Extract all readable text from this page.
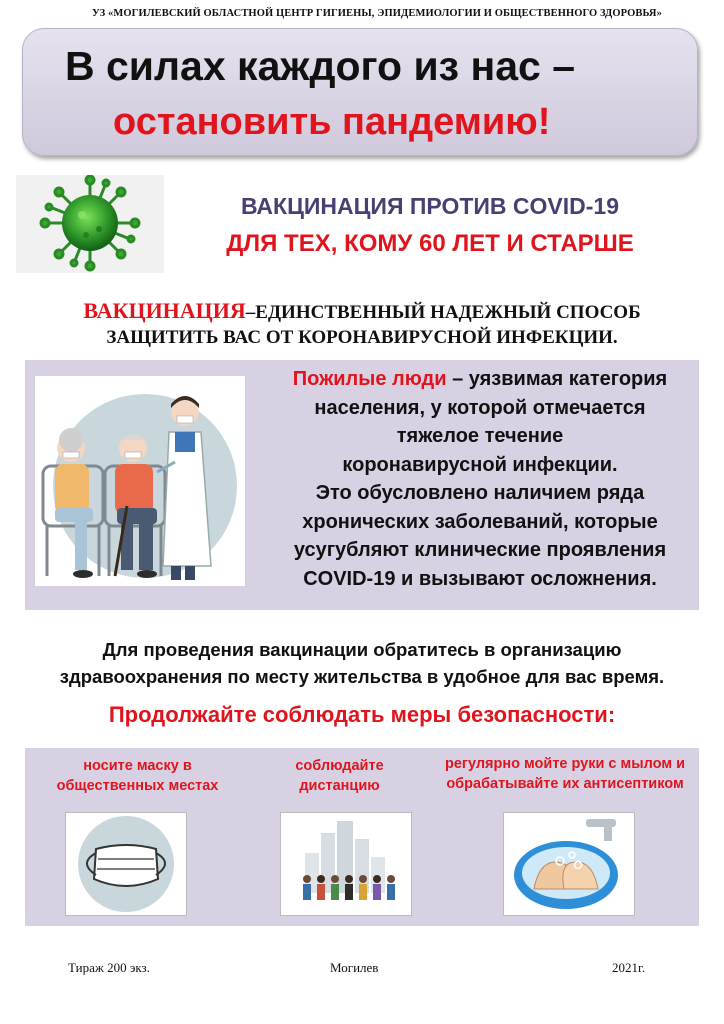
УЗ «МОГИЛЕВСКИЙ ОБЛАСТНОЙ ЦЕНТР ГИГИЕНЫ, ЭПИДЕМИОЛОГИИ И ОБЩЕСТВЕННОГО ЗДОРОВЬЯ»
В силах каждого из нас –
остановить пандемию!
ВАКЦИНАЦИЯ ПРОТИВ COVID-19
ДЛЯ ТЕХ, КОМУ 60 ЛЕТ И СТАРШЕ
ВАКЦИНАЦИЯ–ЕДИНСТВЕННЫЙ НАДЕЖНЫЙ СПОСОБ
ЗАЩИТИТЬ ВАС ОТ КОРОНАВИРУСНОЙ ИНФЕКЦИИ.
Пожилые люди – уязвимая категория
населения, у которой отмечается
тяжелое течение
коронавирусной инфекции.
Это обусловлено наличием ряда
хронических заболеваний, которые
усугубляют клинические проявления
COVID-19 и вызывают осложнения.
Для проведения вакцинации обратитесь в организацию
здравоохранения по месту жительства в удобное для вас время.
Продолжайте соблюдать меры безопасности:
носите маску в
общественных местах
соблюдайте
дистанцию
регулярно мойте руки с мылом и
обрабатывайте их антисептиком
Тираж 200 экз.	Могилев	2021г.
